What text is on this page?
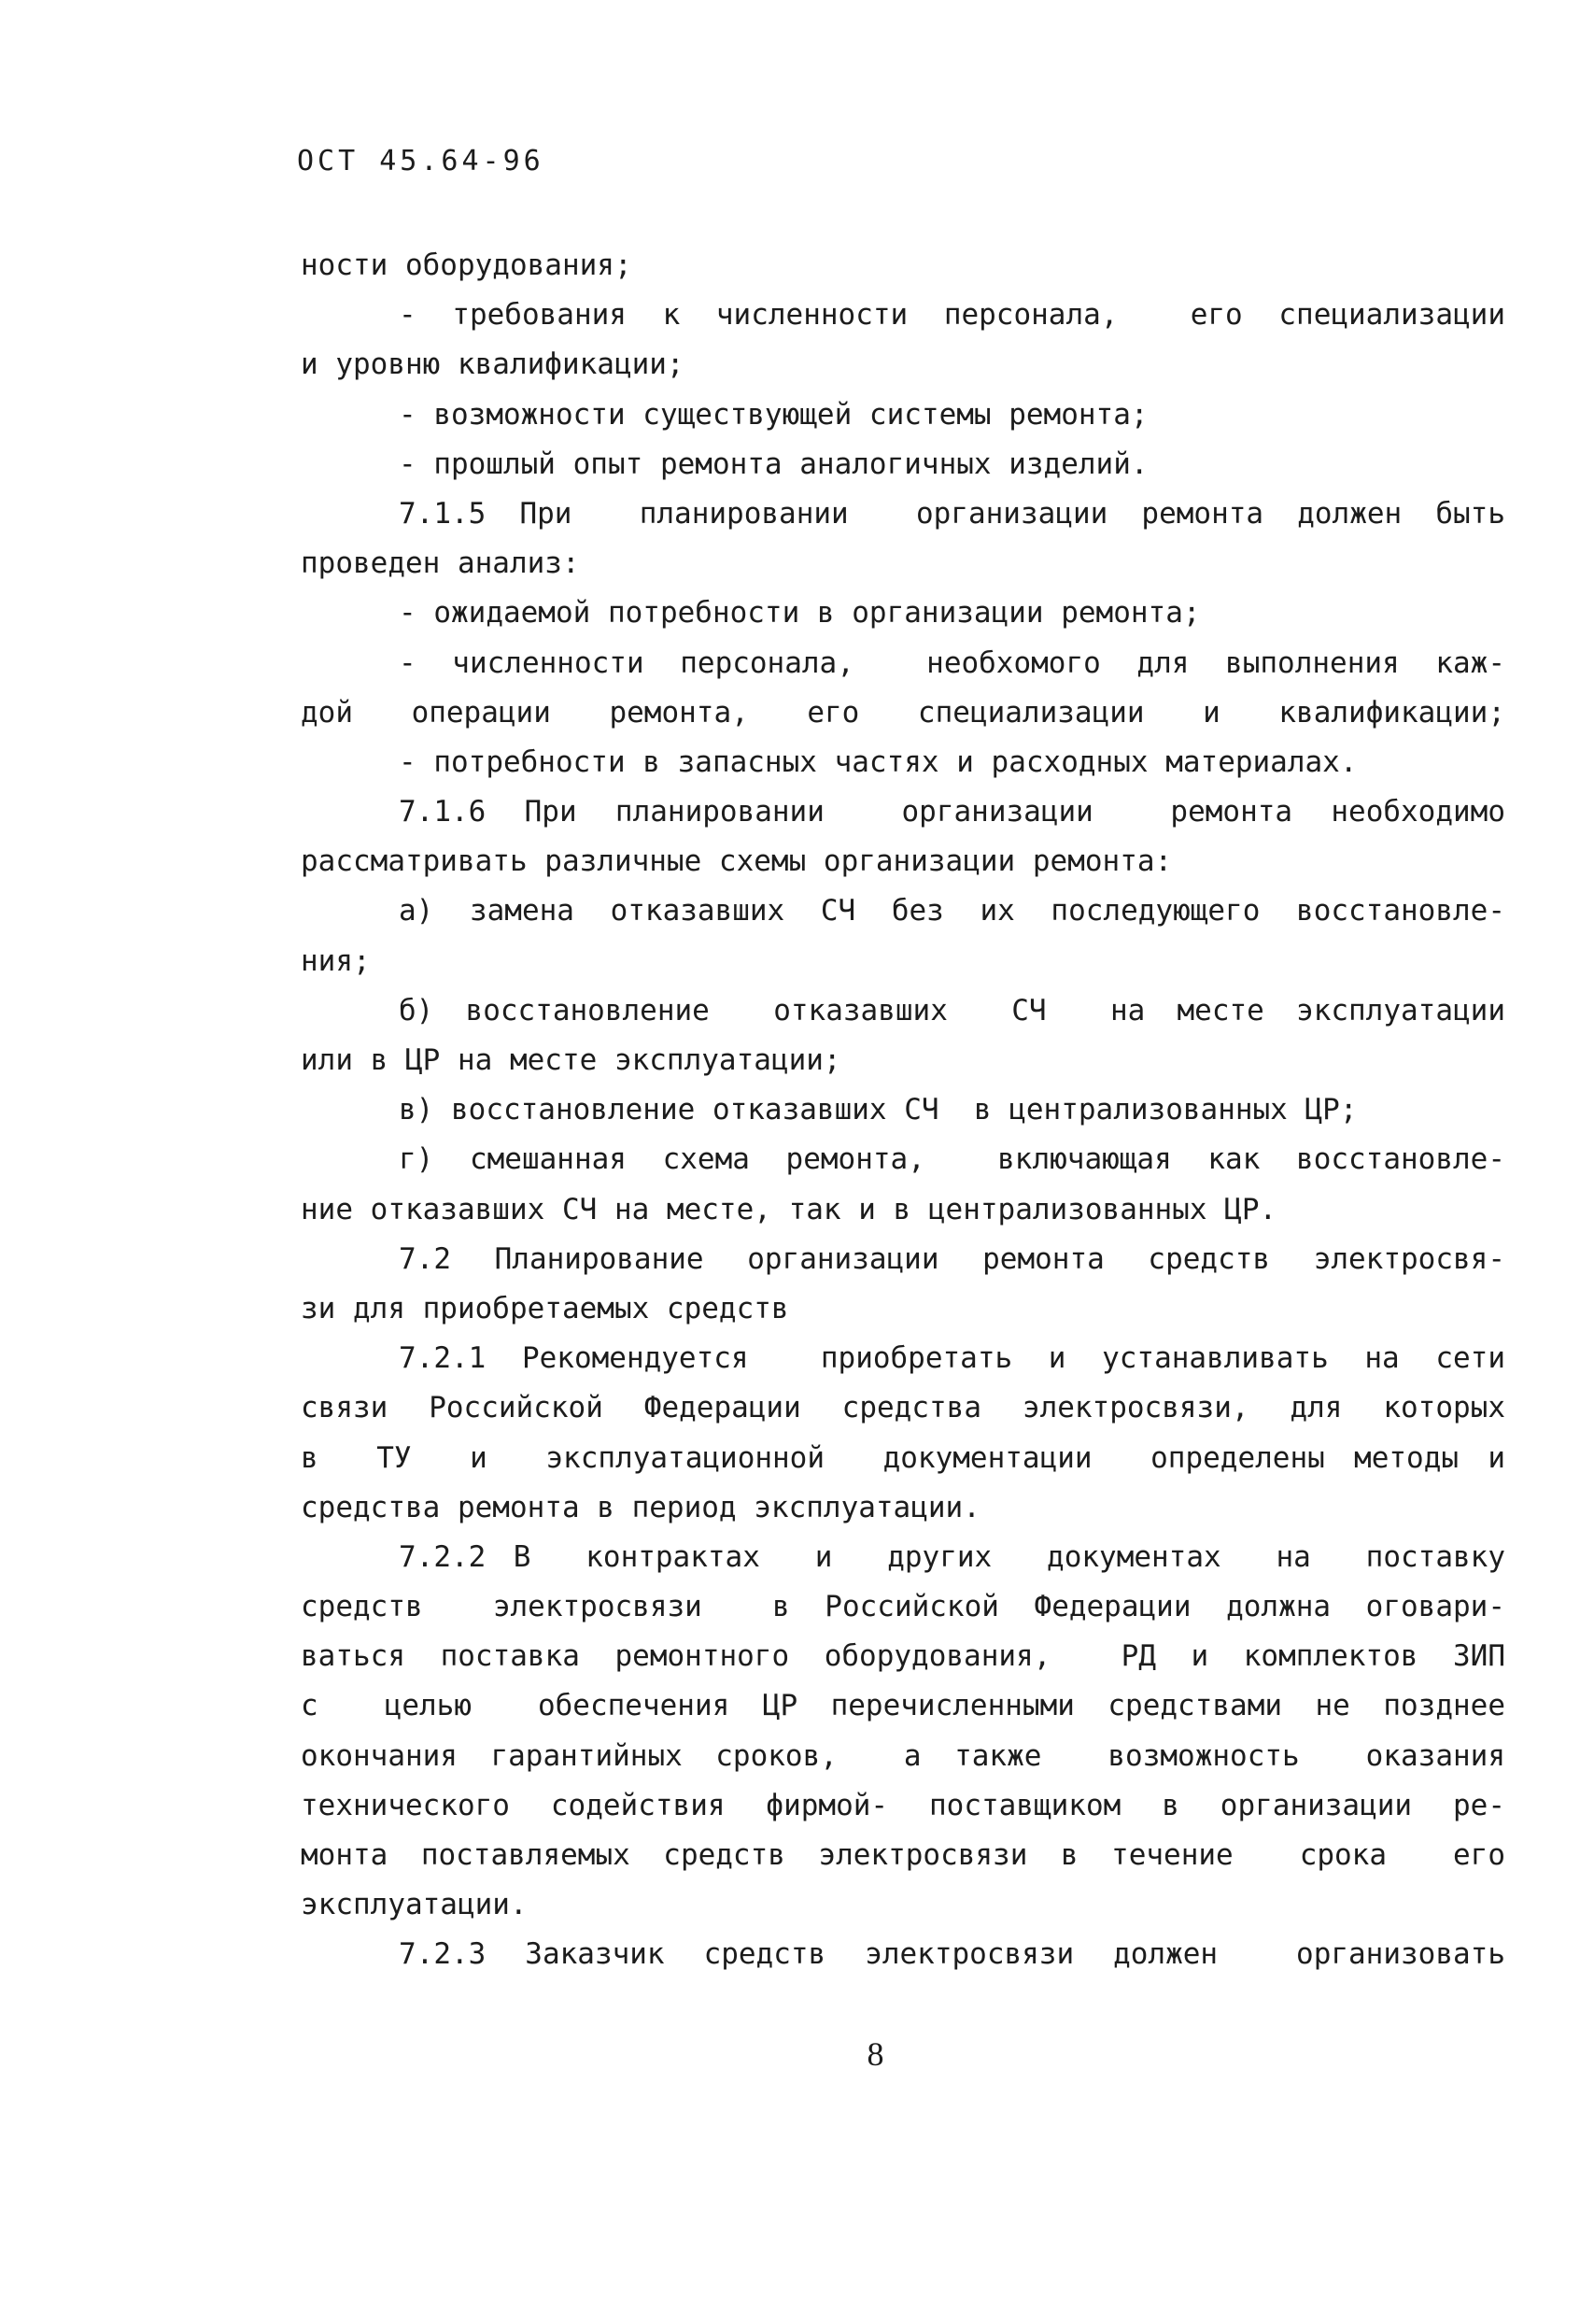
ОСТ 45.64-96
ности оборудования;
- требования к численности персонала,  его специализации
и уровню квалификации;
- возможности существующей системы ремонта;
- прошлый опыт ремонта аналогичных изделий.
7.1.5 При  планировании  организации ремонта должен быть
проведен анализ:
- ожидаемой потребности в организации ремонта;
- численности персонала,  необхомого для выполнения каж-
дой операции ремонта, его специализации и квалификации;
- потребности в запасных частях и расходных материалах.
7.1.6 При планировании  организации  ремонта необходимо
рассматривать различные схемы организации ремонта:
а) замена отказавших СЧ без их последующего восстановле-
ния;
б) восстановление  отказавших  СЧ  на месте эксплуатации
или в ЦР на месте эксплуатации;
в) восстановление отказавших СЧ  в централизованных ЦР;
г) смешанная схема ремонта,  включающая как восстановле-
ние отказавших СЧ на месте, так и в централизованных ЦР.
7.2 Планирование организации ремонта средств электросвя-
зи для приобретаемых средств
7.2.1 Рекомендуется  приобретать и устанавливать на сети
связи Российской Федерации средства электросвязи, для которых
в  ТУ  и  эксплуатационной  документации  определены методы и
средства ремонта в период эксплуатации.
7.2.2 В  контрактах  и  других  документах  на  поставку
средств  электросвязи  в Российской Федерации должна оговари-
ваться поставка ремонтного оборудования,  РД и комплектов ЗИП
с  целью  обеспечения ЦР перечисленными средствами не позднее
окончания гарантийных сроков,  а также  возможность  оказания
технического содействия фирмой- поставщиком в организации ре-
монта поставляемых средств электросвязи в течение  срока  его
эксплуатации.
7.2.3 Заказчик средств электросвязи должен  организовать
8
